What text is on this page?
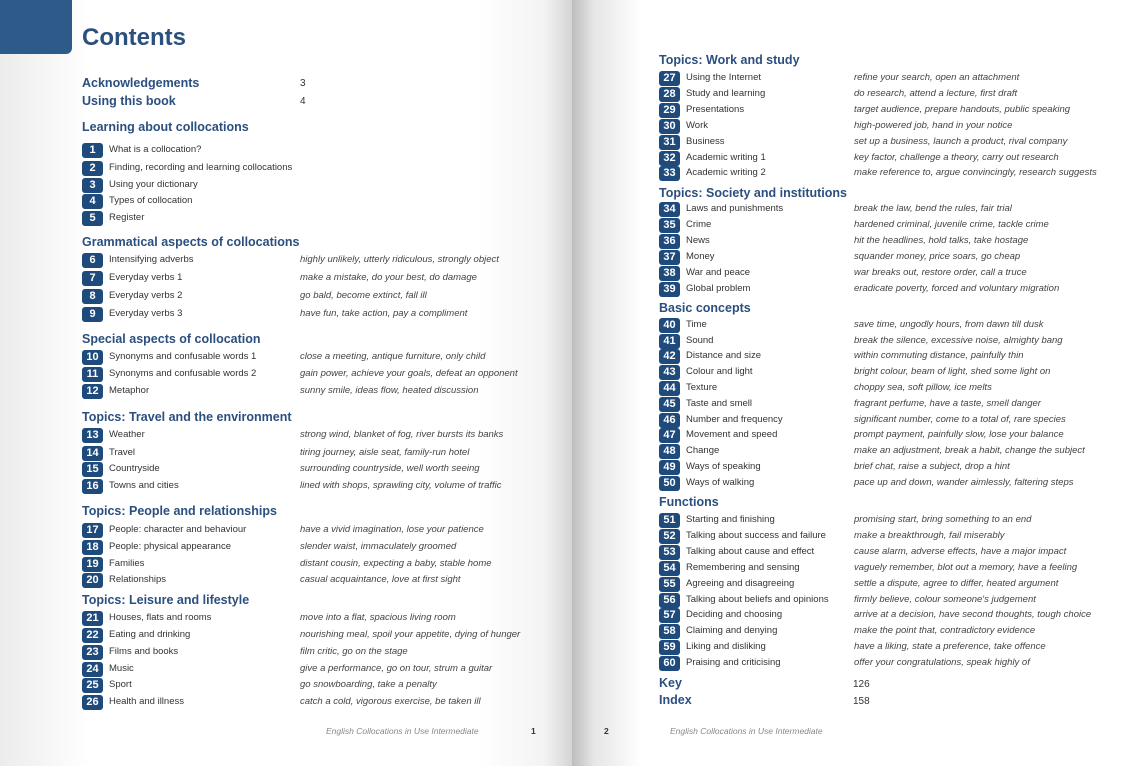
Contents
Acknowledgements	3
Using this book	4
Learning about collocations
1	What is a collocation?
2	Finding, recording and learning collocations
3	Using your dictionary
4	Types of collocation
5	Register
Grammatical aspects of collocations
6	Intensifying adverbs	highly unlikely, utterly ridiculous, strongly object
7	Everyday verbs 1	make a mistake, do your best, do damage
8	Everyday verbs 2	go bald, become extinct, fall ill
9	Everyday verbs 3	have fun, take action, pay a compliment
Special aspects of collocation
10	Synonyms and confusable words 1	close a meeting, antique furniture, only child
11	Synonyms and confusable words 2	gain power, achieve your goals, defeat an opponent
12	Metaphor	sunny smile, ideas flow, heated discussion
Topics: Travel and the environment
13	Weather	strong wind, blanket of fog, river bursts its banks
14	Travel	tiring journey, aisle seat, family-run hotel
15	Countryside	surrounding countryside, well worth seeing
16	Towns and cities	lined with shops, sprawling city, volume of traffic
Topics: People and relationships
17	People: character and behaviour	have a vivid imagination, lose your patience
18	People: physical appearance	slender waist, immaculately groomed
19	Families	distant cousin, expecting a baby, stable home
20	Relationships	casual acquaintance, love at first sight
Topics: Leisure and lifestyle
21	Houses, flats and rooms	move into a flat, spacious living room
22	Eating and drinking	nourishing meal, spoil your appetite, dying of hunger
23	Films and books	film critic, go on the stage
24	Music	give a performance, go on tour, strum a guitar
25	Sport	go snowboarding, take a penalty
26	Health and illness	catch a cold, vigorous exercise, be taken ill
English Collocations in Use Intermediate	1
Topics: Work and study
27	Using the Internet	refine your search, open an attachment
28	Study and learning	do research, attend a lecture, first draft
29	Presentations	target audience, prepare handouts, public speaking
30	Work	high-powered job, hand in your notice
31	Business	set up a business, launch a product, rival company
32	Academic writing 1	key factor, challenge a theory, carry out research
33	Academic writing 2	make reference to, argue convincingly, research suggests
Topics: Society and institutions
34	Laws and punishments	break the law, bend the rules, fair trial
35	Crime	hardened criminal, juvenile crime, tackle crime
36	News	hit the headlines, hold talks, take hostage
37	Money	squander money, price soars, go cheap
38	War and peace	war breaks out, restore order, call a truce
39	Global problem	eradicate poverty, forced and voluntary migration
Basic concepts
40	Time	save time, ungodly hours, from dawn till dusk
41	Sound	break the silence, excessive noise, almighty bang
42	Distance and size	within commuting distance, painfully thin
43	Colour and light	bright colour, beam of light, shed some light on
44	Texture	choppy sea, soft pillow, ice melts
45	Taste and smell	fragrant perfume, have a taste, smell danger
46	Number and frequency	significant number, come to a total of, rare species
47	Movement and speed	prompt payment, painfully slow, lose your balance
48	Change	make an adjustment, break a habit, change the subject
49	Ways of speaking	brief chat, raise a subject, drop a hint
50	Ways of walking	pace up and down, wander aimlessly, faltering steps
Functions
51	Starting and finishing	promising start, bring something to an end
52	Talking about success and failure	make a breakthrough, fail miserably
53	Talking about cause and effect	cause alarm, adverse effects, have a major impact
54	Remembering and sensing	vaguely remember, blot out a memory, have a feeling
55	Agreeing and disagreeing	settle a dispute, agree to differ, heated argument
56	Talking about beliefs and opinions	firmly believe, colour someone's judgement
57	Deciding and choosing	arrive at a decision, have second thoughts, tough choice
58	Claiming and denying	make the point that, contradictory evidence
59	Liking and disliking	have a liking, state a preference, take offence
60	Praising and criticising	offer your congratulations, speak highly of
Key	126
Index	158
2	English Collocations in Use Intermediate
